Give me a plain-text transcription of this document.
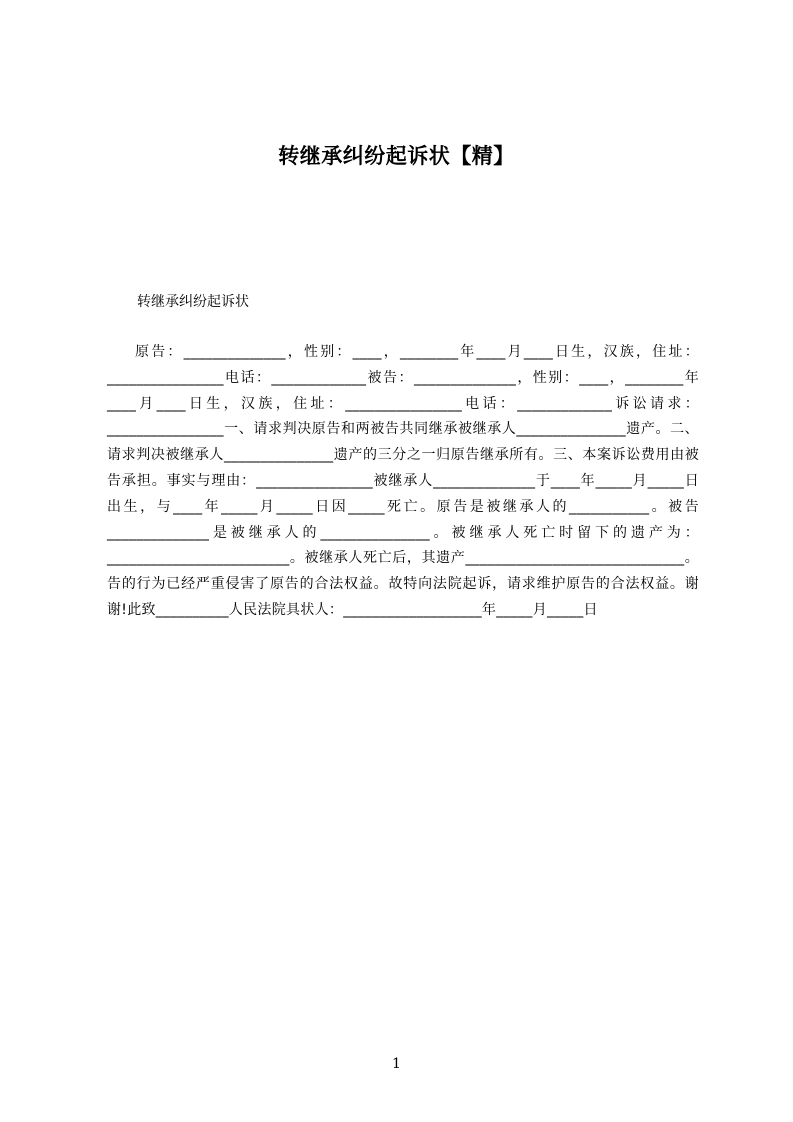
转继承纠纷起诉状【精】
转继承纠纷起诉状

原告：______________，性别：____，________年____月____日生，汉族，住址：________________电话：_____________被告：______________，性别：____，________年____月____日生，汉族，住址：________________电话：_____________诉讼请求：________________一、请求判决原告和两被告共同继承被继承人_______________遗产。二、请求判决被继承人_______________遗产的三分之一归原告继承所有。三、本案诉讼费用由被告承担。事实与理由：________________被继承人______________于____年_____月_____日出生，与____年_____月_____日因_____死亡。原告是被继承人的___________。被告______________是被继承人的_______________。被继承人死亡时留下的遗产为：_________________________。被继承人死亡后，其遗产______________________________。告的行为已经严重侵害了原告的合法权益。故特向法院起诉，请求维护原告的合法权益。谢谢!此致__________人民法院具状人：___________________年_____月_____日

1
